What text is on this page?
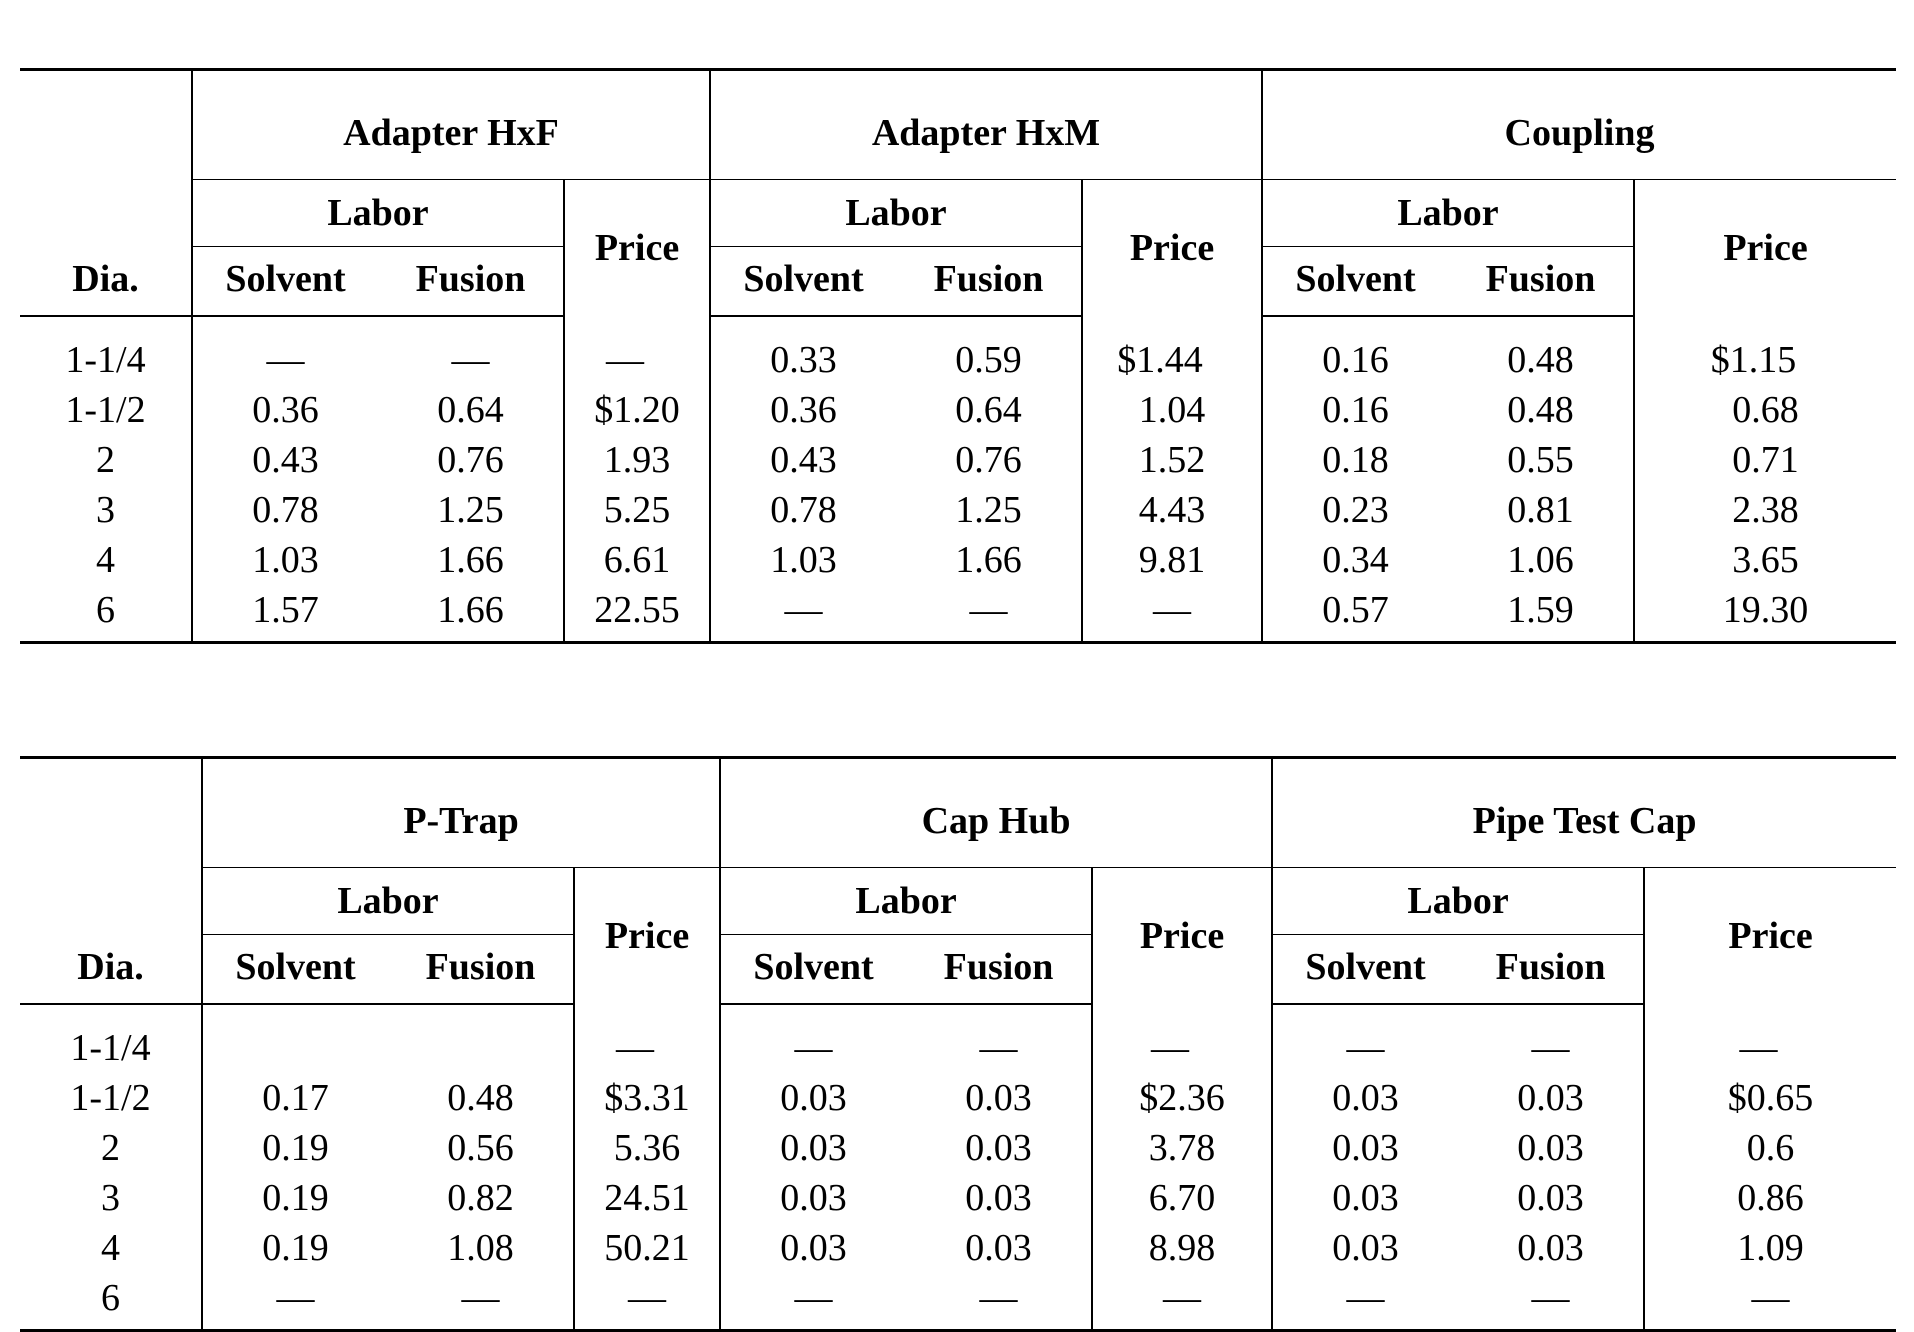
	Adapter HxF			Adapter HxM			Coupling		
	Labor		Price	Labor		Price	Labor		Price
Dia.	Solvent	Fusion		Solvent	Fusion		Solvent	Fusion	
1-1/4	—	—	—	0.33	0.59	$1.44	0.16	0.48	$1.15
1-1/2	0.36	0.64	$1.20	0.36	0.64	1.04	0.16	0.48	0.68
2	0.43	0.76	1.93	0.43	0.76	1.52	0.18	0.55	0.71
3	0.78	1.25	5.25	0.78	1.25	4.43	0.23	0.81	2.38
4	1.03	1.66	6.61	1.03	1.66	9.81	0.34	1.06	3.65
6	1.57	1.66	22.55	—	—	—	0.57	1.59	19.30
	P-Trap			Cap Hub			Pipe Test Cap		
	Labor		Price	Labor		Price	Labor		Price
Dia.	Solvent	Fusion		Solvent	Fusion		Solvent	Fusion	
1-1/4			—	—	—	—	—	—	—
1-1/2	0.17	0.48	$3.31	0.03	0.03	$2.36	0.03	0.03	$0.65
2	0.19	0.56	5.36	0.03	0.03	3.78	0.03	0.03	0.6
3	0.19	0.82	24.51	0.03	0.03	6.70	0.03	0.03	0.86
4	0.19	1.08	50.21	0.03	0.03	8.98	0.03	0.03	1.09
6	—	—	—	—	—	—	—	—	—
